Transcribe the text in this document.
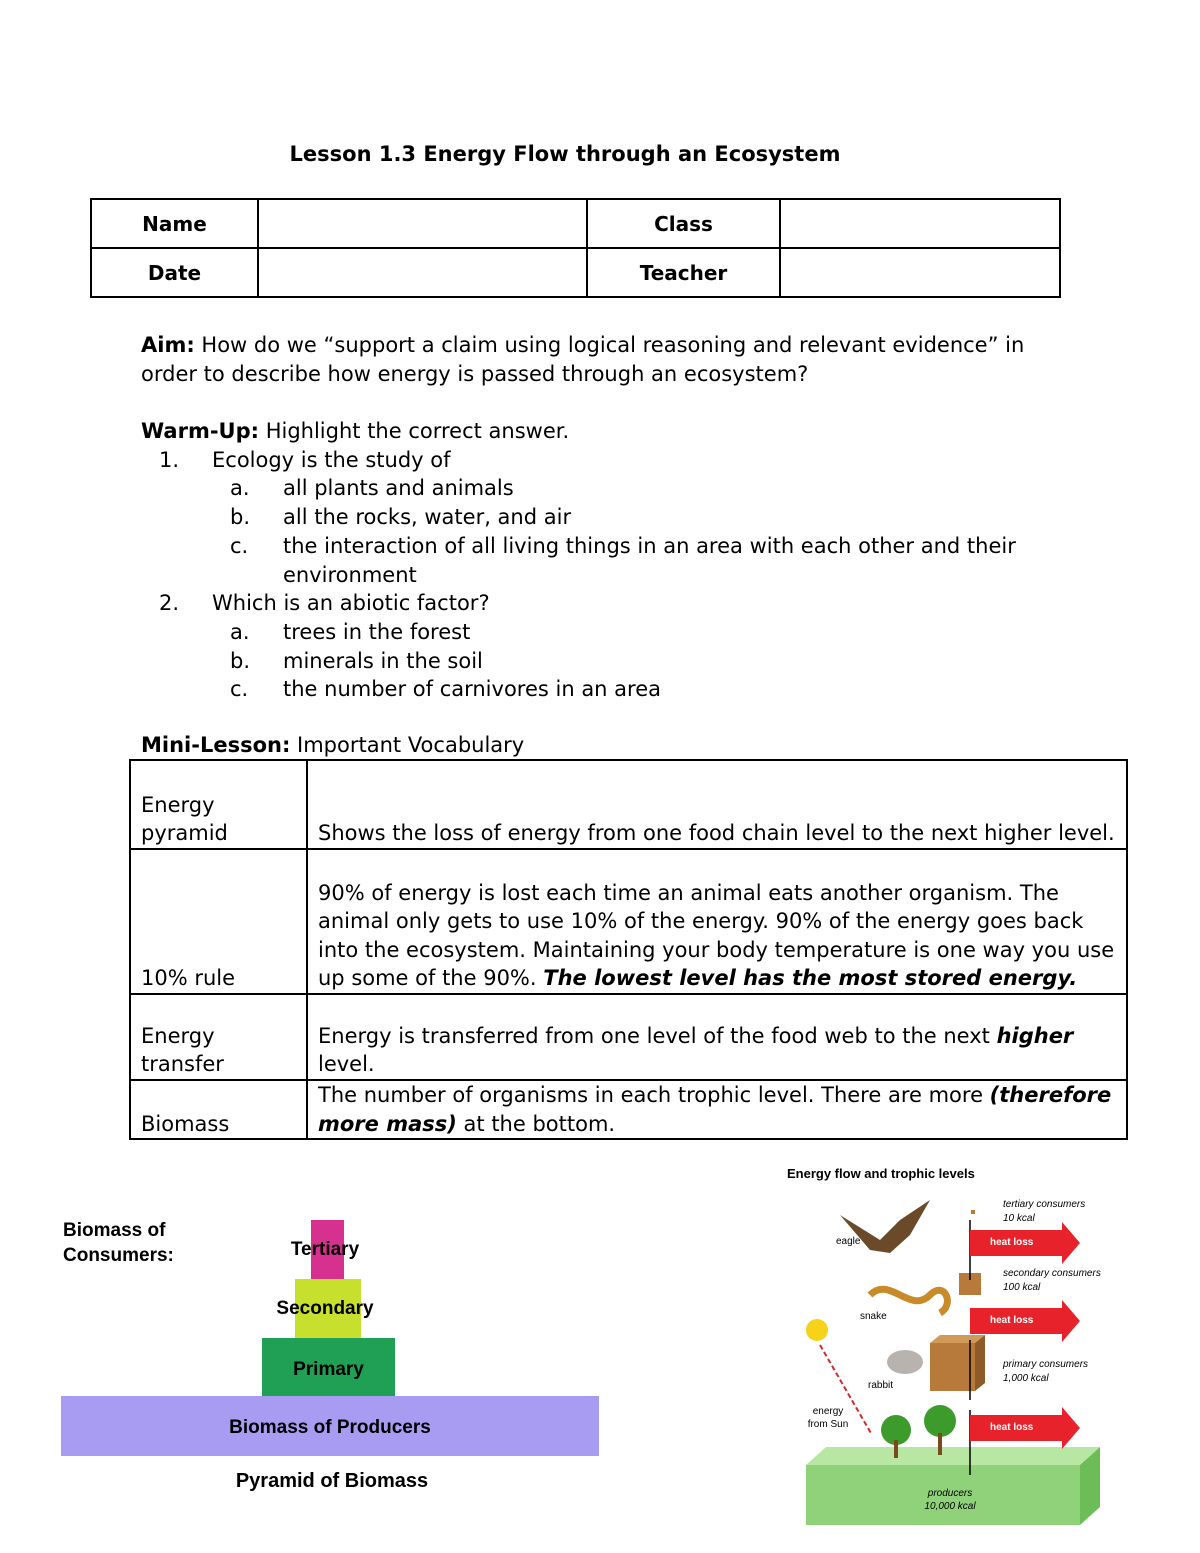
Lesson 1.3 Energy Flow through an Ecosystem
Name		Class	
Date		Teacher	
Aim: How do we “support a claim using logical reasoning and relevant evidence” in order to describe how energy is passed through an ecosystem?
Warm-Up: Highlight the correct answer.
1.	Ecology is the study of
a.	all plants and animals
b.	all the rocks, water, and air
c.	the interaction of all living things in an area with each other and their environment
2.	Which is an abiotic factor?
a.	trees in the forest
b.	minerals in the soil
c.	the number of carnivores in an area
Mini-Lesson: Important Vocabulary
Energy pyramid	Shows the loss of energy from one food chain level to the next higher level.
10% rule	90% of energy is lost each time an animal eats another organism. The animal only gets to use 10% of the energy. 90% of the energy goes back into the ecosystem. Maintaining your body temperature is one way you use up some of the 90%. The lowest level has the most stored energy.
Energy transfer	Energy is transferred from one level of the food web to the next higher level.
Biomass	The number of organisms in each trophic level. There are more (therefore more mass) at the bottom.
Biomass of Consumers:	Tertiary
Secondary
Primary
Biomass of Producers
Pyramid of Biomass
Energy flow and trophic levels
eagle
snake
rabbit
energy from Sun
tertiary consumers
10 kcal
secondary consumers
100 kcal
primary consumers
1,000 kcal
producers
10,000 kcal
heat loss
heat loss
heat loss
